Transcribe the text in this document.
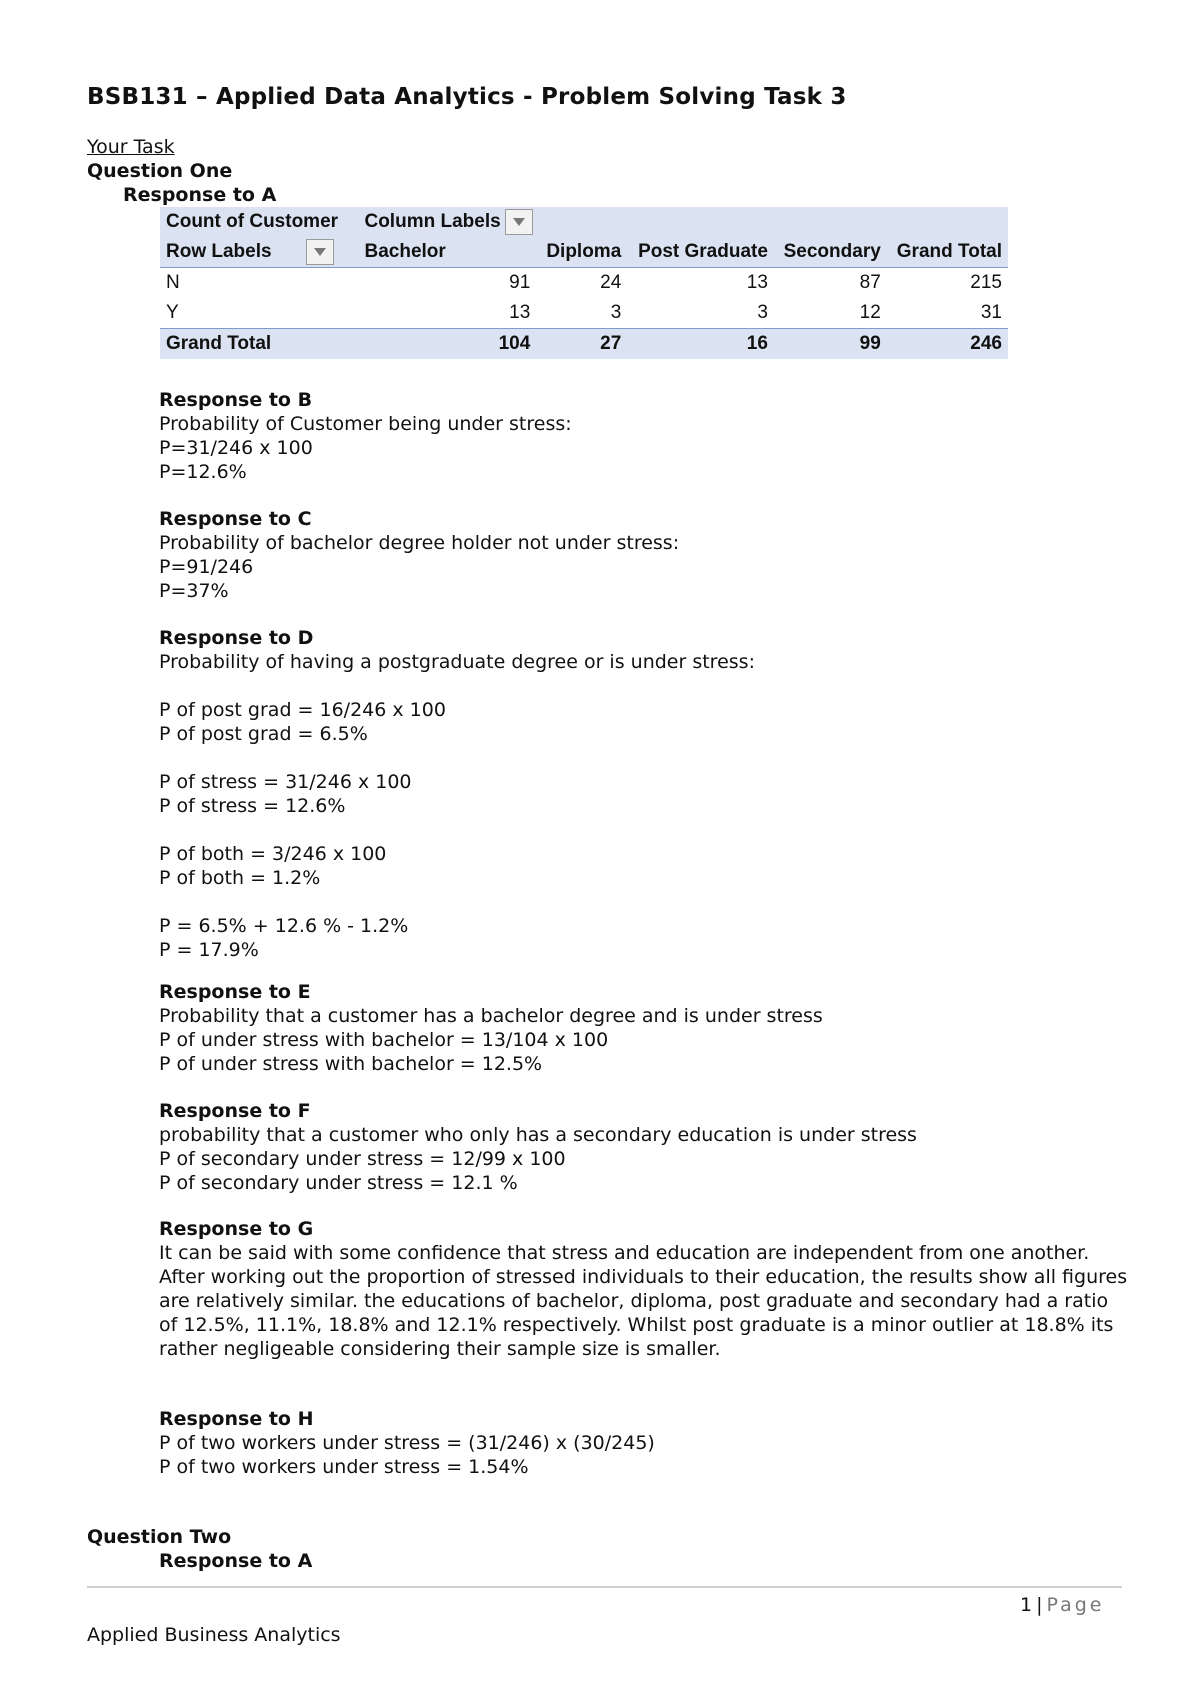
BSB131 – Applied Data Analytics - Problem Solving Task 3
Your Task
Question One
Response to A
Count of Customer	Column Labels				
Row Labels	Bachelor	Diploma	Post Graduate	Secondary	Grand Total
N	91	24	13	87	215
Y	13	3	3	12	31
Grand Total	104	27	16	99	246
Response to B
Probability of Customer being under stress:
P=31/246 x 100
P=12.6%
Response to C
Probability of bachelor degree holder not under stress:
P=91/246
P=37%
Response to D
Probability of having a postgraduate degree or is under stress:
P of post grad = 16/246 x 100
P of post grad = 6.5%
P of stress = 31/246 x 100
P of stress = 12.6%
P of both = 3/246 x 100
P of both = 1.2%
P = 6.5% + 12.6 % - 1.2%
P = 17.9%
Response to E
Probability that a customer has a bachelor degree and is under stress
P of under stress with bachelor = 13/104 x 100
P of under stress with bachelor = 12.5%
Response to F
probability that a customer who only has a secondary education is under stress
P of secondary under stress = 12/99 x 100
P of secondary under stress = 12.1 %
Response to G
It can be said with some confidence that stress and education are independent from one another. After working out the proportion of stressed individuals to their education, the results show all figures are relatively similar. the educations of bachelor, diploma, post graduate and secondary had a ratio of 12.5%, 11.1%, 18.8% and 12.1% respectively. Whilst post graduate is a minor outlier at 18.8% its rather negligeable considering their sample size is smaller.
Response to H
P of two workers under stress = (31/246) x (30/245)
P of two workers under stress = 1.54%
Question Two
Response to A
1 | Page
Applied Business Analytics
